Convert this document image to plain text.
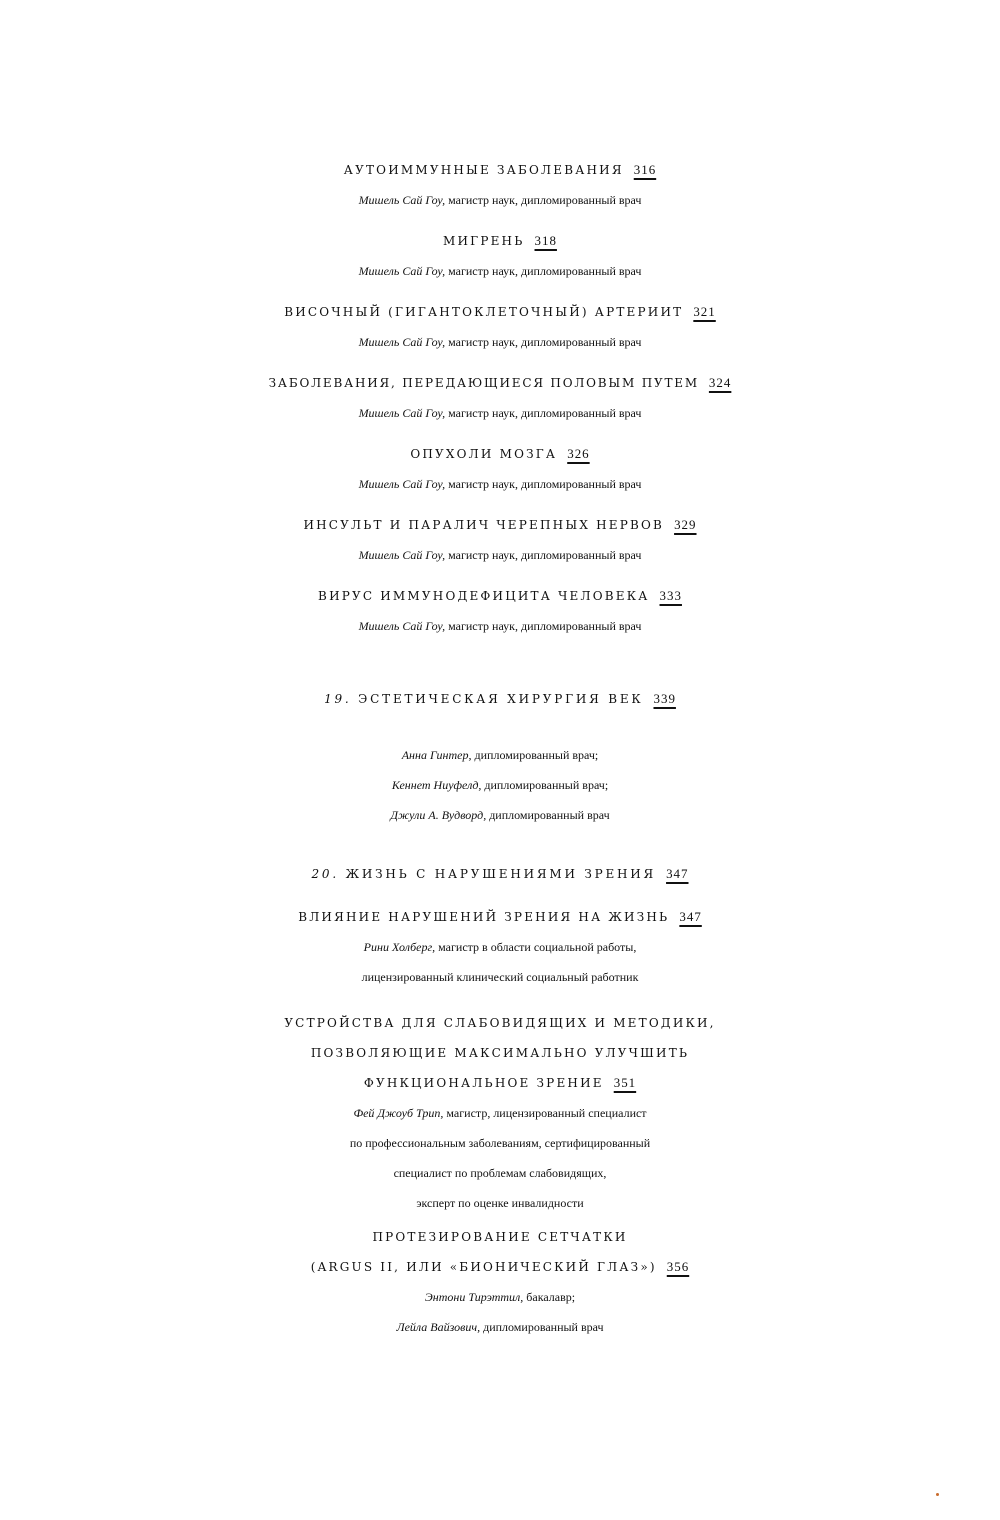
АУТОИММУННЫЕ ЗАБОЛЕВАНИЯ 316
Мишель Сай Гоу, магистр наук, дипломированный врач
МИГРЕНЬ 318
Мишель Сай Гоу, магистр наук, дипломированный врач
ВИСОЧНЫЙ (ГИГАНТОКЛЕТОЧНЫЙ) АРТЕРИИТ 321
Мишель Сай Гоу, магистр наук, дипломированный врач
ЗАБОЛЕВАНИЯ, ПЕРЕДАЮЩИЕСЯ ПОЛОВЫМ ПУТЕМ 324
Мишель Сай Гоу, магистр наук, дипломированный врач
ОПУХОЛИ МОЗГА 326
Мишель Сай Гоу, магистр наук, дипломированный врач
ИНСУЛЬТ И ПАРАЛИЧ ЧЕРЕПНЫХ НЕРВОВ 329
Мишель Сай Гоу, магистр наук, дипломированный врач
ВИРУС ИММУНОДЕФИЦИТА ЧЕЛОВЕКА 333
Мишель Сай Гоу, магистр наук, дипломированный врач
19. ЭСТЕТИЧЕСКАЯ ХИРУРГИЯ ВЕК 339
Анна Гинтер, дипломированный врач;
Кеннет Ниуфелд, дипломированный врач;
Джули А. Вудворд, дипломированный врач
20. ЖИЗНЬ С НАРУШЕНИЯМИ ЗРЕНИЯ 347
ВЛИЯНИЕ НАРУШЕНИЙ ЗРЕНИЯ НА ЖИЗНЬ 347
Рини Холберг, магистр в области социальной работы,
лицензированный клинический социальный работник
УСТРОЙСТВА ДЛЯ СЛАБОВИДЯЩИХ И МЕТОДИКИ,
ПОЗВОЛЯЮЩИЕ МАКСИМАЛЬНО УЛУЧШИТЬ
ФУНКЦИОНАЛЬНОЕ ЗРЕНИЕ 351
Фей Джоуб Трип, магистр, лицензированный специалист
по профессиональным заболеваниям, сертифицированный
специалист по проблемам слабовидящих,
эксперт по оценке инвалидности
ПРОТЕЗИРОВАНИЕ СЕТЧАТКИ
(ARGUS II, ИЛИ «БИОНИЧЕСКИЙ ГЛАЗ») 356
Энтони Тирэттил, бакалавр;
Лейла Вайзович, дипломированный врач
